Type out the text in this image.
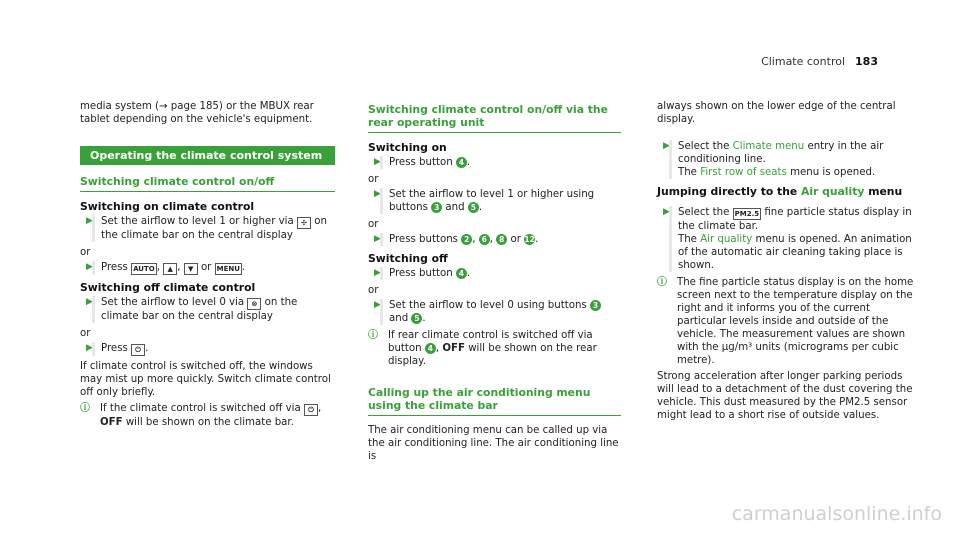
Climate control 183

media system (→ page 185) or the MBUX rear tablet depending on the vehicle's equipment.

Operating the climate control system
Switching climate control on/off
Switching on climate control
▶ Set the airflow to level 1 or higher via ✣ on the climate bar on the central display
or
▶ Press AUTO , ▲ , ▼ or MENU .
Switching off climate control
▶ Set the airflow to level 0 via ⊗ on the climate bar on the central display
or
▶ Press ⏻ .

If climate control is switched off, the windows may mist up more quickly. Switch climate control off only briefly.

ⓘ If the climate control is switched off via ⏻ , OFF will be shown on the climate bar.
Switching climate control on/off via the rear operating unit
Switching on
▶ Press button 4 .
or
▶ Set the airflow to level 1 or higher using buttons 3 and 5 .
or
▶ Press buttons 2 , 6 , 8 or 12.
Switching off
▶ Press button 4 .
or
▶ Set the airflow to level 0 using buttons 3 and 5 .
ⓘ If rear climate control is switched off via button 4 , OFF will be shown on the rear display.
Calling up the air conditioning menu using the climate bar

The air conditioning menu can be called up via the air conditioning line. The air conditioning line is

always shown on the lower edge of the central display.

▶ Select the Climate menu entry in the air conditioning line.
The First row of seats menu is opened.
Jumping directly to the Air quality menu
▶ Select the PM2.5 fine particle status display in the climate bar.
The Air quality menu is opened. An animation of the automatic air cleaning taking place is shown.
ⓘ The fine particle status display is on the home screen next to the temperature display on the right and it informs you of the current particular levels inside and outside of the vehicle. The measurement values are shown with the μg/m³ units (micrograms per cubic metre).

Strong acceleration after longer parking periods will lead to a detachment of the dust covering the vehicle. This dust measured by the PM2.5 sensor might lead to a short rise of outside values.

carmanualsonline.info
